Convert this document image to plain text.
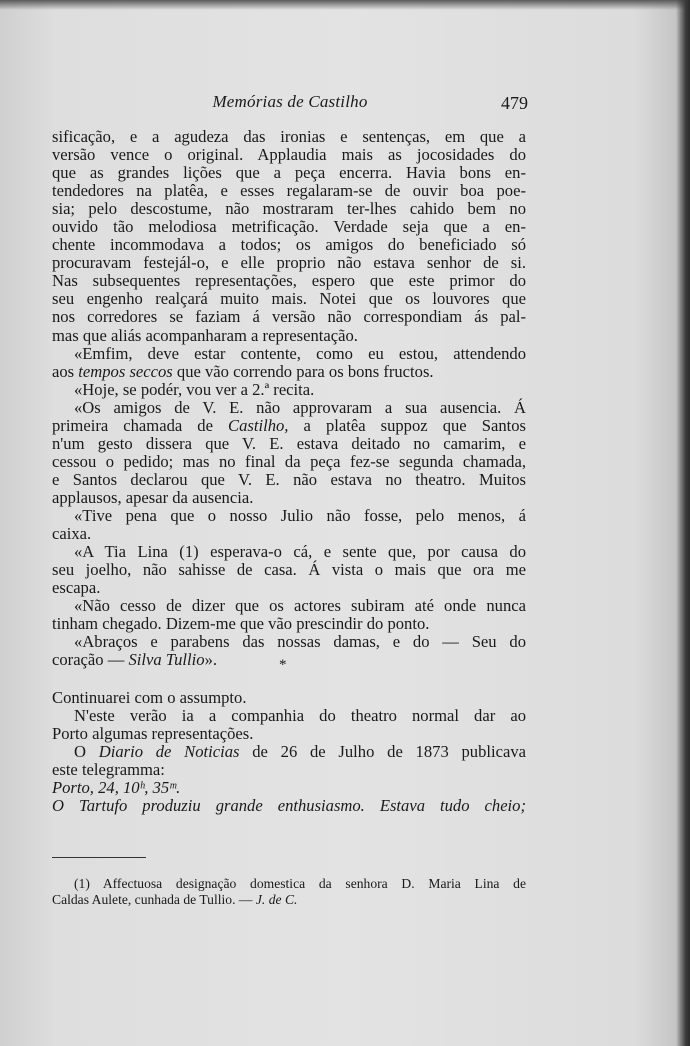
Memórias de Castilho	479
sificação, e a agudeza das ironias e sentenças, em que a
versão vence o original. Applaudia mais as jocosidades do
que as grandes lições que a peça encerra. Havia bons en-
tendedores na platêa, e esses regalaram-se de ouvir boa poe-
sia; pelo descostume, não mostraram ter-lhes cahido bem no
ouvido tão melodiosa metrificação. Verdade seja que a en-
chente incommodava a todos; os amigos do beneficiado só
procuravam festejál-o, e elle proprio não estava senhor de si.
Nas subsequentes representações, espero que este primor do
seu engenho realçará muito mais. Notei que os louvores que
nos corredores se faziam á versão não correspondiam ás pal-
mas que aliás acompanharam a representação.
«Emfim, deve estar contente, como eu estou, attendendo
aos tempos seccos que vão correndo para os bons fructos.
«Hoje, se podér, vou ver a 2.ª recita.
«Os amigos de V. E. não approvaram a sua ausencia. Á
primeira chamada de Castilho, a platêa suppoz que Santos
n'um gesto dissera que V. E. estava deitado no camarim, e
cessou o pedido; mas no final da peça fez-se segunda chamada,
e Santos declarou que V. E. não estava no theatro. Muitos
applausos, apesar da ausencia.
«Tive pena que o nosso Julio não fosse, pelo menos, á
caixa.
«A Tia Lina (1) esperava-o cá, e sente que, por causa do
seu joelho, não sahisse de casa. Á vista o mais que ora me
escapa.
«Não cesso de dizer que os actores subiram até onde nunca
tinham chegado. Dizem-me que vão prescindir do ponto.
«Abraços e parabens das nossas damas, e do — Seu do
coração — Silva Tullio».	*
Continuarei com o assumpto.
N'este verão ia a companhia do theatro normal dar ao
Porto algumas representações.
O Diario de Noticias de 26 de Julho de 1873 publicava
este telegramma:
Porto, 24, 10ʰ, 35ᵐ.
O Tartufo produziu grande enthusiasmo. Estava tudo cheio;
(1) Affectuosa designação domestica da senhora D. Maria Lina de
Caldas Aulete, cunhada de Tullio. — J. de C.
